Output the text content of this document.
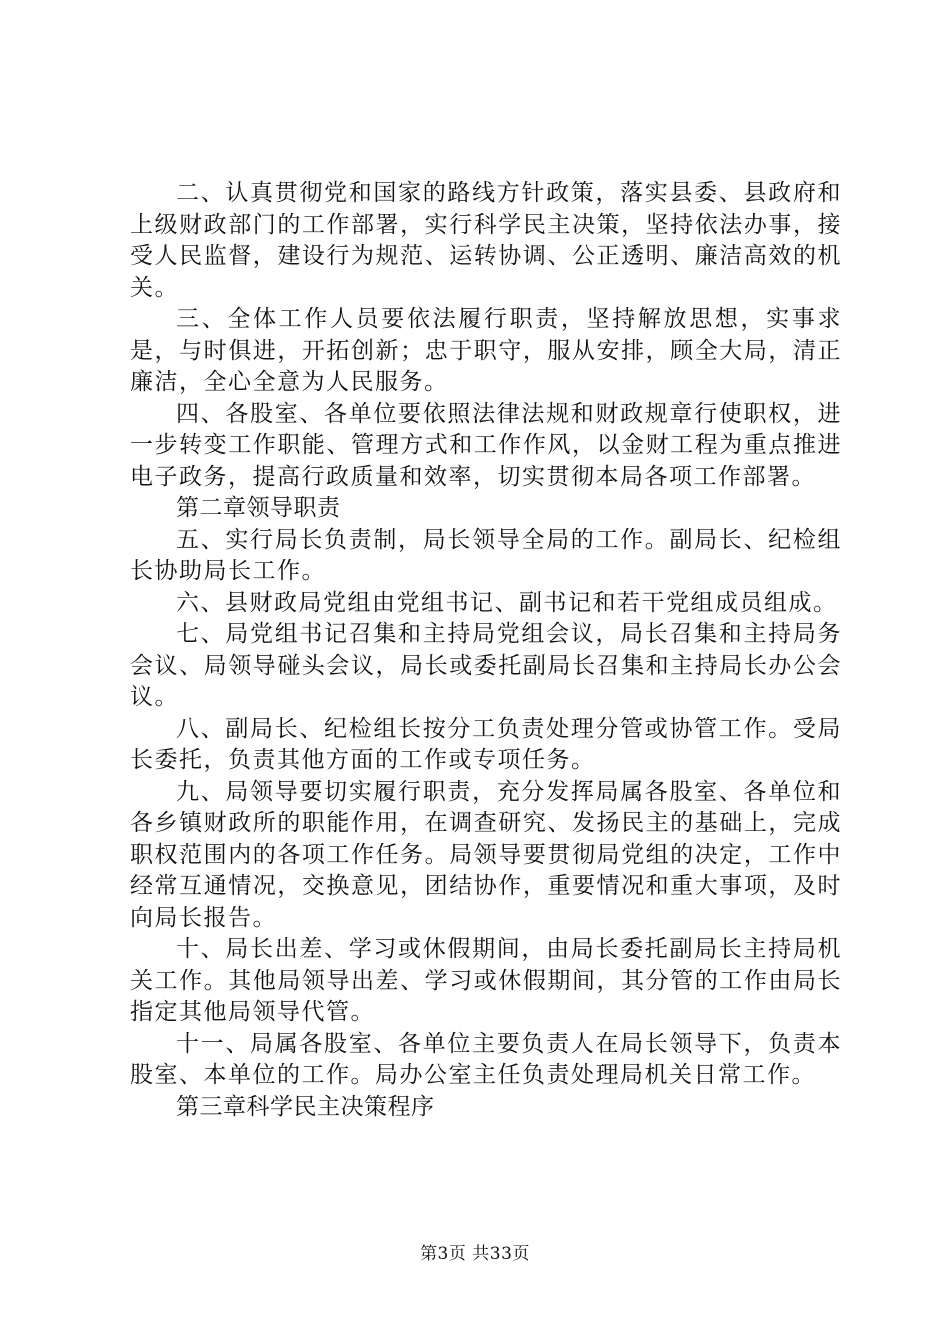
二、认真贯彻党和国家的路线方针政策，落实县委、县政府和上级财政部门的工作部署，实行科学民主决策，坚持依法办事，接受人民监督，建设行为规范、运转协调、公正透明、廉洁高效的机关。

三、全体工作人员要依法履行职责，坚持解放思想，实事求是，与时俱进，开拓创新；忠于职守，服从安排，顾全大局，清正廉洁，全心全意为人民服务。

四、各股室、各单位要依照法律法规和财政规章行使职权，进一步转变工作职能、管理方式和工作作风，以金财工程为重点推进电子政务，提高行政质量和效率，切实贯彻本局各项工作部署。

第二章领导职责

五、实行局长负责制，局长领导全局的工作。副局长、纪检组长协助局长工作。

六、县财政局党组由党组书记、副书记和若干党组成员组成。

七、局党组书记召集和主持局党组会议，局长召集和主持局务会议、局领导碰头会议，局长或委托副局长召集和主持局长办公会议。

八、副局长、纪检组长按分工负责处理分管或协管工作。受局长委托，负责其他方面的工作或专项任务。

九、局领导要切实履行职责，充分发挥局属各股室、各单位和各乡镇财政所的职能作用，在调查研究、发扬民主的基础上，完成职权范围内的各项工作任务。局领导要贯彻局党组的决定，工作中经常互通情况，交换意见，团结协作，重要情况和重大事项，及时向局长报告。

十、局长出差、学习或休假期间，由局长委托副局长主持局机关工作。其他局领导出差、学习或休假期间，其分管的工作由局长指定其他局领导代管。

十一、局属各股室、各单位主要负责人在局长领导下，负责本股室、本单位的工作。局办公室主任负责处理局机关日常工作。

第三章科学民主决策程序

第3页 共33页
